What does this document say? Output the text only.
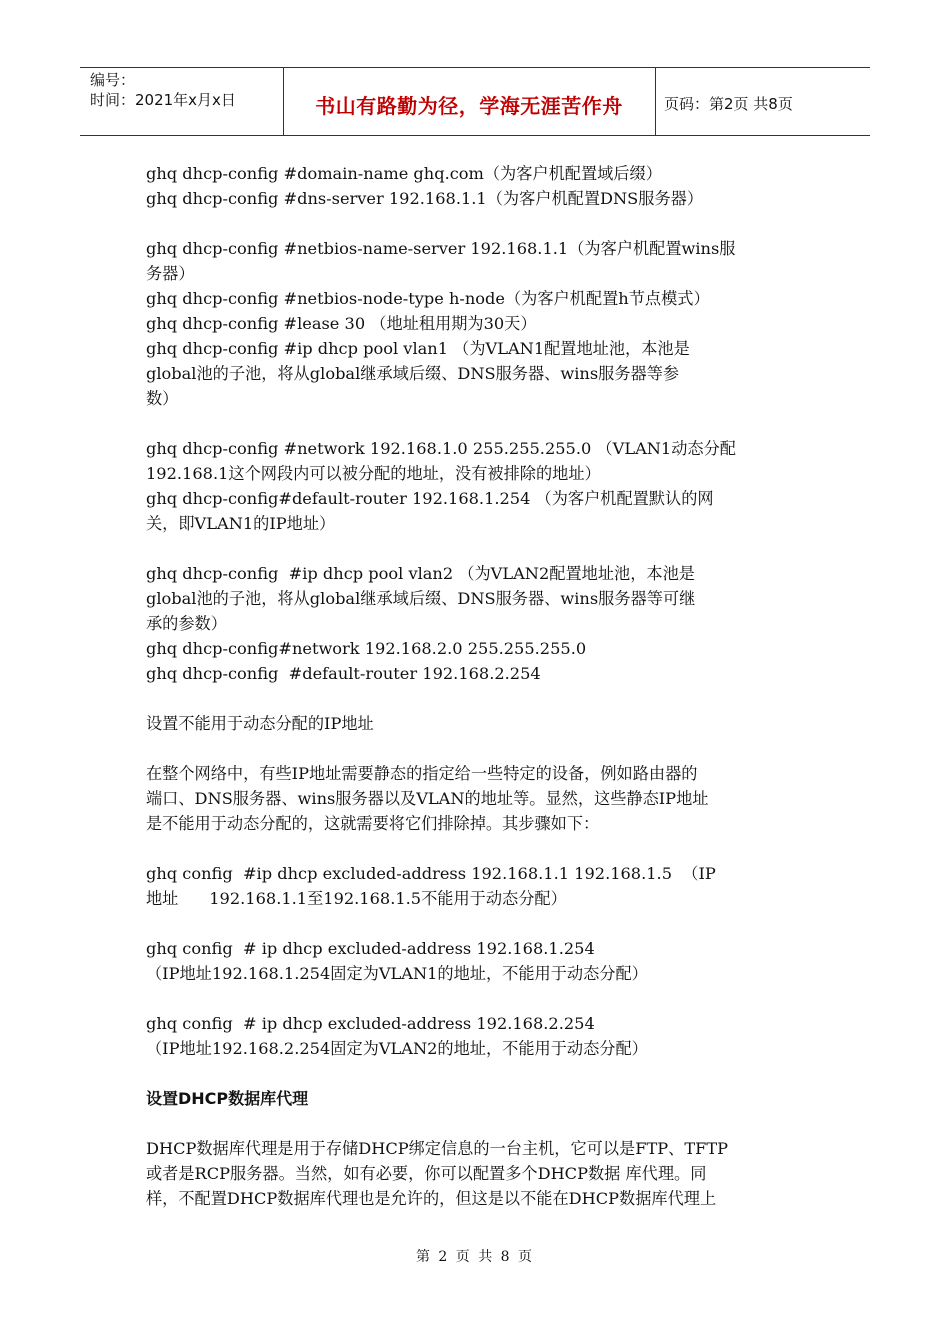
编号：
时间：2021年x月x日	书山有路勤为径，学海无涯苦作舟	页码：第2页 共8页
ghq dhcp-config #domain-name ghq.com（为客户机配置域后缀）
ghq dhcp-config #dns-server 192.168.1.1（为客户机配置DNS服务器）
ghq dhcp-config #netbios-name-server 192.168.1.1（为客户机配置wins服
务器）
ghq dhcp-config #netbios-node-type h-node（为客户机配置h节点模式）
ghq dhcp-config #lease 30 （地址租用期为30天）
ghq dhcp-config #ip dhcp pool vlan1 （为VLAN1配置地址池，本池是
global池的子池，将从global继承域后缀、DNS服务器、wins服务器等参
数）
ghq dhcp-config #network 192.168.1.0 255.255.255.0 （VLAN1动态分配
192.168.1这个网段内可以被分配的地址，没有被排除的地址）
ghq dhcp-config#default-router 192.168.1.254 （为客户机配置默认的网
关，即VLAN1的IP地址）
ghq dhcp-config  #ip dhcp pool vlan2 （为VLAN2配置地址池，本池是
global池的子池，将从global继承域后缀、DNS服务器、wins服务器等可继
承的参数）
ghq dhcp-config#network 192.168.2.0 255.255.255.0
ghq dhcp-config  #default-router 192.168.2.254
设置不能用于动态分配的IP地址
在整个网络中，有些IP地址需要静态的指定给一些特定的设备，例如路由器的
端口、DNS服务器、wins服务器以及VLAN的地址等。显然，这些静态IP地址
是不能用于动态分配的，这就需要将它们排除掉。其步骤如下：
ghq config  #ip dhcp excluded-address 192.168.1.1 192.168.1.5  （IP
地址      192.168.1.1至192.168.1.5不能用于动态分配）
ghq config  # ip dhcp excluded-address 192.168.1.254
（IP地址192.168.1.254固定为VLAN1的地址，不能用于动态分配）
ghq config  # ip dhcp excluded-address 192.168.2.254
（IP地址192.168.2.254固定为VLAN2的地址，不能用于动态分配）
设置DHCP数据库代理
DHCP数据库代理是用于存储DHCP绑定信息的一台主机，它可以是FTP、TFTP
或者是RCP服务器。当然，如有必要，你可以配置多个DHCP数据 库代理。同
样，不配置DHCP数据库代理也是允许的，但这是以不能在DHCP数据库代理上
第 2 页 共 8 页
